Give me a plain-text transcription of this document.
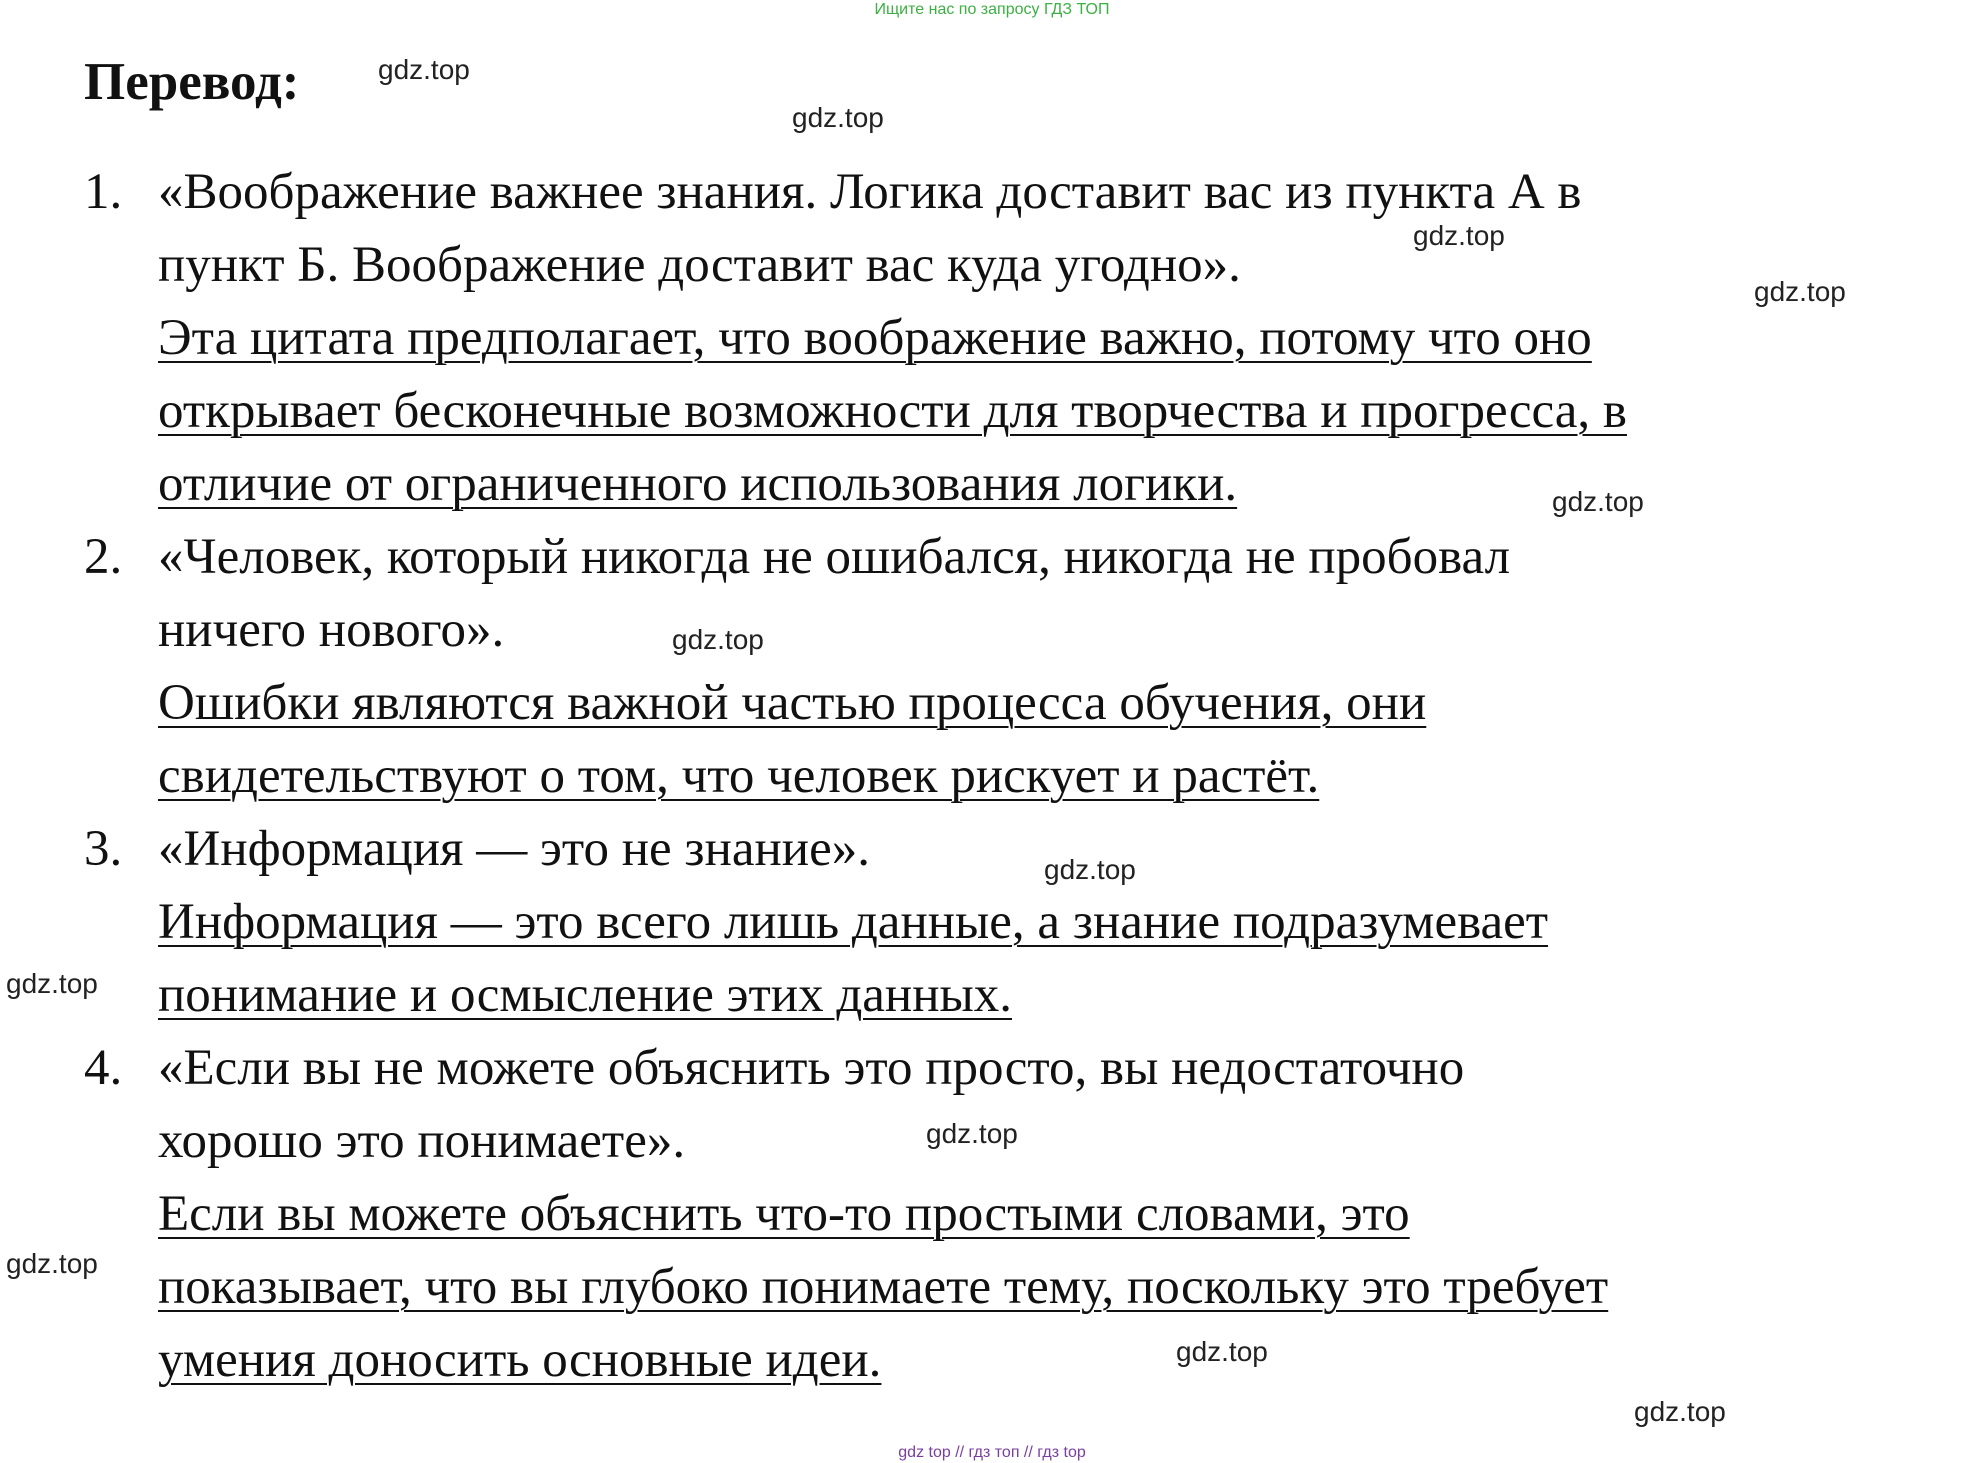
Ищите нас по запросу ГДЗ ТОП
Перевод:
1. «Воображение важнее знания. Логика доставит вас из пункта А в
пункт Б. Воображение доставит вас куда угодно».
Эта цитата предполагает, что воображение важно, потому что оно
открывает бесконечные возможности для творчества и прогресса, в
отличие от ограниченного использования логики.
2. «Человек, который никогда не ошибался, никогда не пробовал
ничего нового».
Ошибки являются важной частью процесса обучения, они
свидетельствуют о том, что человек рискует и растёт.
3. «Информация — это не знание».
Информация — это всего лишь данные, а знание подразумевает
понимание и осмысление этих данных.
4. «Если вы не можете объяснить это просто, вы недостаточно
хорошо это понимаете».
Если вы можете объяснить что-то простыми словами, это
показывает, что вы глубоко понимаете тему, поскольку это требует
умения доносить основные идеи.
gdz.top
gdz.top
gdz.top
gdz.top
gdz.top
gdz.top
gdz.top
gdz.top
gdz.top
gdz.top
gdz.top
gdz.top
gdz top // гдз топ // гдз top
